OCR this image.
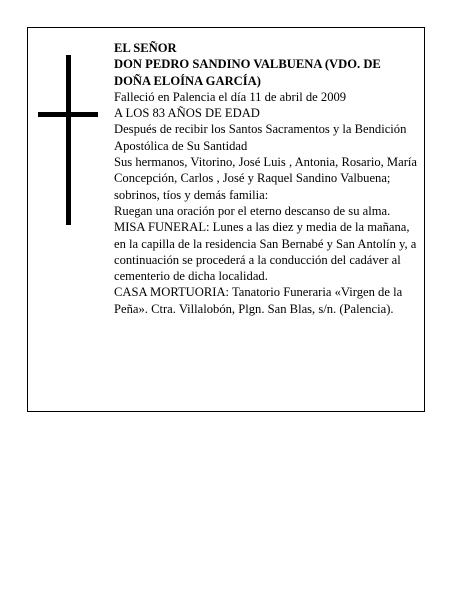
EL SEÑOR

DON PEDRO SANDINO VALBUENA (VDO. DE DOÑA ELOÍNA GARCÍA)

Falleció en Palencia el día 11 de abril de 2009

A LOS 83 AÑOS DE EDAD

Después de recibir los Santos Sacramentos y la Bendición Apostólica de Su Santidad

Sus hermanos, Vitorino, José Luis , Antonia, Rosario, María Concepción, Carlos , José y Raquel Sandino Valbuena; sobrinos, tíos y demás familia:

Ruegan una oración por el eterno descanso de su alma.

MISA FUNERAL: Lunes a las diez y media de la mañana, en la capilla de la residencia San Bernabé y San Antolín y, a continuación se procederá a la conducción del cadáver al cementerio de dicha localidad.

CASA MORTUORIA: Tanatorio Funeraria «Virgen de la Peña». Ctra. Villalobón, Plgn. San Blas, s/n. (Palencia).
